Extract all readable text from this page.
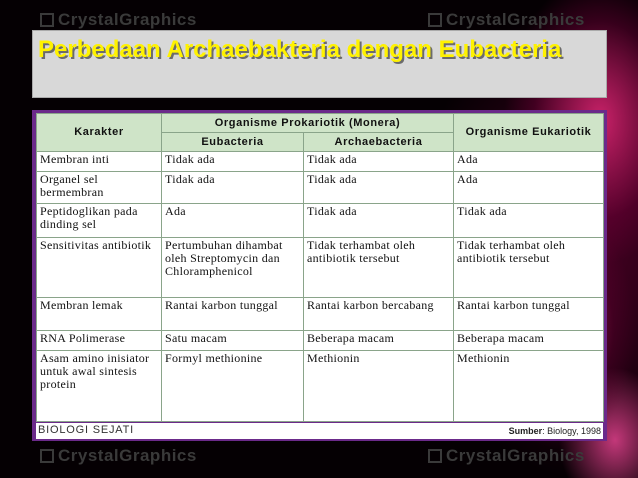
CrystalGraphics	CrystalGraphics
CrystalGraphics	CrystalGraphics
Perbedaan Archaebakteria dengan Eubacteria
Karakter	Organisme Prokariotik (Monera)		Organisme Eukariotik
	Eubacteria	Archaebacteria	
Membran inti	Tidak ada	Tidak ada	Ada
Organel sel bermembran	Tidak ada	Tidak ada	Ada
Peptidoglikan pada dinding sel	Ada	Tidak ada	Tidak ada
Sensitivitas antibiotik	Pertumbuhan dihambat oleh Streptomycin dan Chloramphenicol	Tidak terhambat oleh antibiotik tersebut	Tidak terhambat oleh antibiotik tersebut
Membran lemak	Rantai karbon tunggal	Rantai karbon bercabang	Rantai karbon tunggal
RNA Polimerase	Satu macam	Beberapa macam	Beberapa macam
Asam amino inisiator untuk awal sintesis protein	Formyl methionine	Methionin	Methionin
BIOLOGI SEJATI	Sumber: Biology, 1998
